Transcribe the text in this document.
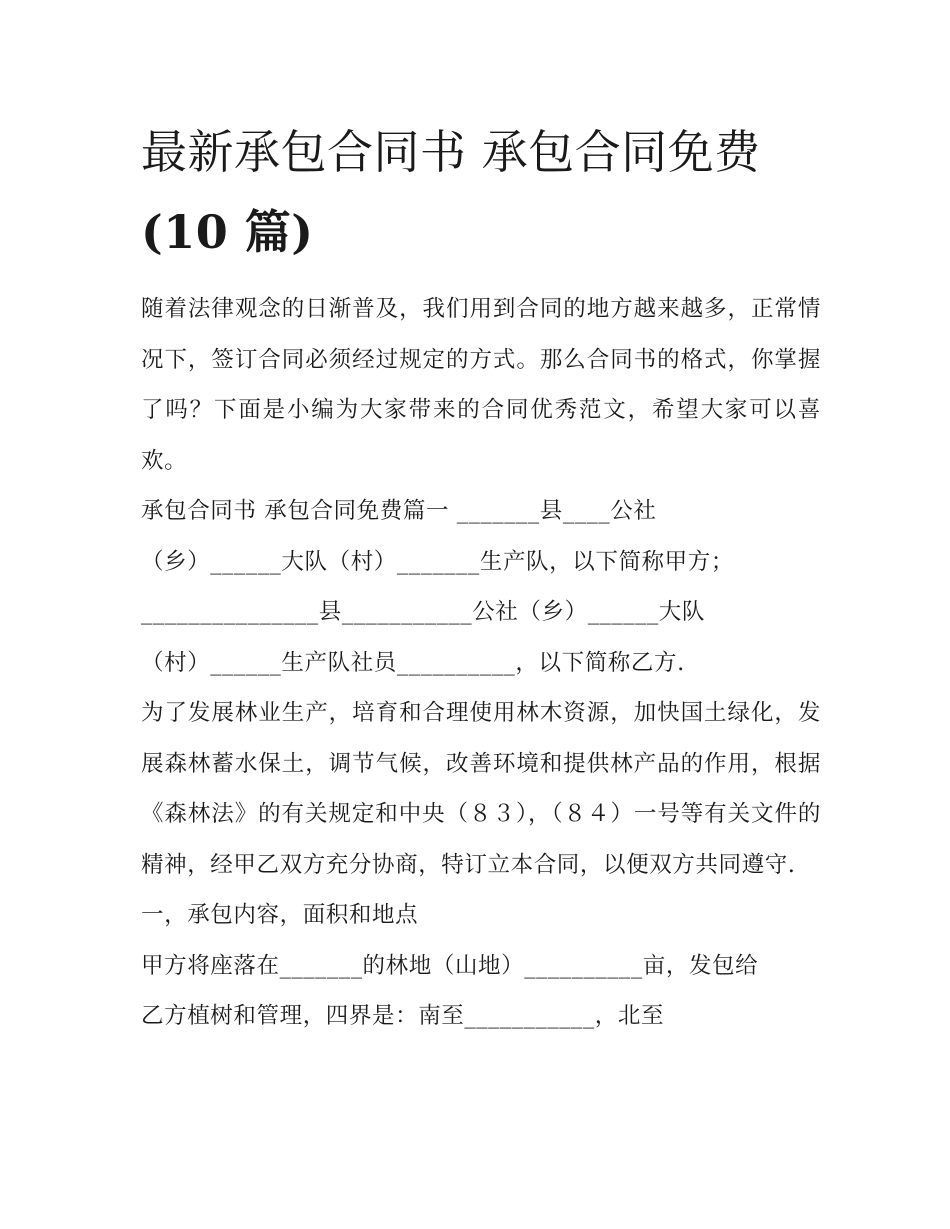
最新承包合同书 承包合同免费
(10 篇)

随着法律观念的日渐普及，我们用到合同的地方越来越多，正常情况下，签订合同必须经过规定的方式。那么合同书的格式，你掌握了吗？下面是小编为大家带来的合同优秀范文，希望大家可以喜欢。

承包合同书 承包合同免费篇一 _______县____公社

（乡）______大队（村）_______生产队，以下简称甲方；

_______________县___________公社（乡）______大队

（村）______生产队社员__________，以下简称乙方.

为了发展林业生产，培育和合理使用林木资源，加快国土绿化，发展森林蓄水保土，调节气候，改善环境和提供林产品的作用，根据《森林法》的有关规定和中央（８３），（８４）一号等有关文件的精神，经甲乙双方充分协商，特订立本合同，以便双方共同遵守.

一，承包内容，面积和地点

甲方将座落在_______的林地（山地）__________亩，发包给

乙方植树和管理，四界是：南至___________，北至
